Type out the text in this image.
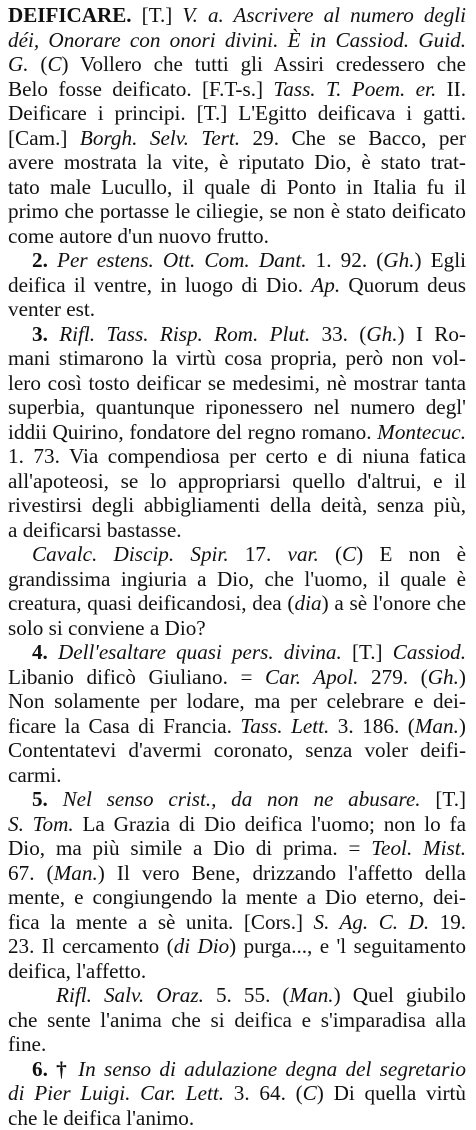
DEIFICARE. [T.] V. a. Ascrivere al numero degli
déi, Onorare con onori divini. È in Cassiod. Guid.
G. (C) Vollero che tutti gli Assiri credessero che
Belo fosse deificato. [F.T-s.] Tass. T. Poem. er. II.
Deificare i principi. [T.] L'Egitto deificava i gatti.
[Cam.] Borgh. Selv. Tert. 29. Che se Bacco, per
avere mostrata la vite, è riputato Dio, è stato trat-
tato male Lucullo, il quale di Ponto in Italia fu il
primo che portasse le ciliegie, se non è stato deificato
come autore d'un nuovo frutto.
2. Per estens. Ott. Com. Dant. 1. 92. (Gh.) Egli
deifica il ventre, in luogo di Dio. Ap. Quorum deus
venter est.
3. Rifl. Tass. Risp. Rom. Plut. 33. (Gh.) I Ro-
mani stimarono la virtù cosa propria, però non vol-
lero così tosto deificar se medesimi, nè mostrar tanta
superbia, quantunque riponessero nel numero degl'
iddii Quirino, fondatore del regno romano. Montecuc.
1. 73. Via compendiosa per certo e di niuna fatica
all'apoteosi, se lo appropriarsi quello d'altrui, e il
rivestirsi degli abbigliamenti della deità, senza più,
a deificarsi bastasse.
Cavalc. Discip. Spir. 17. var. (C) E non è
grandissima ingiuria a Dio, che l'uomo, il quale è
creatura, quasi deificandosi, dea (dia) a sè l'onore che
solo si conviene a Dio?
4. Dell'esaltare quasi pers. divina. [T.] Cassiod.
Libanio dificò Giuliano. = Car. Apol. 279. (Gh.)
Non solamente per lodare, ma per celebrare e dei-
ficare la Casa di Francia. Tass. Lett. 3. 186. (Man.)
Contentatevi d'avermi coronato, senza voler deifi-
carmi.
5. Nel senso crist., da non ne abusare. [T.]
S. Tom. La Grazia di Dio deifica l'uomo; non lo fa
Dio, ma più simile a Dio di prima. = Teol. Mist.
67. (Man.) Il vero Bene, drizzando l'affetto della
mente, e congiungendo la mente a Dio eterno, dei-
fica la mente a sè unita. [Cors.] S. Ag. C. D. 19.
23. Il cercamento (di Dio) purga..., e 'l seguitamento
deifica, l'affetto.
Rifl. Salv. Oraz. 5. 55. (Man.) Quel giubilo
che sente l'anima che si deifica e s'imparadisa alla
fine.
6. † In senso di adulazione degna del segretario
di Pier Luigi. Car. Lett. 3. 64. (C) Di quella virtù
che le deifica l'animo.
